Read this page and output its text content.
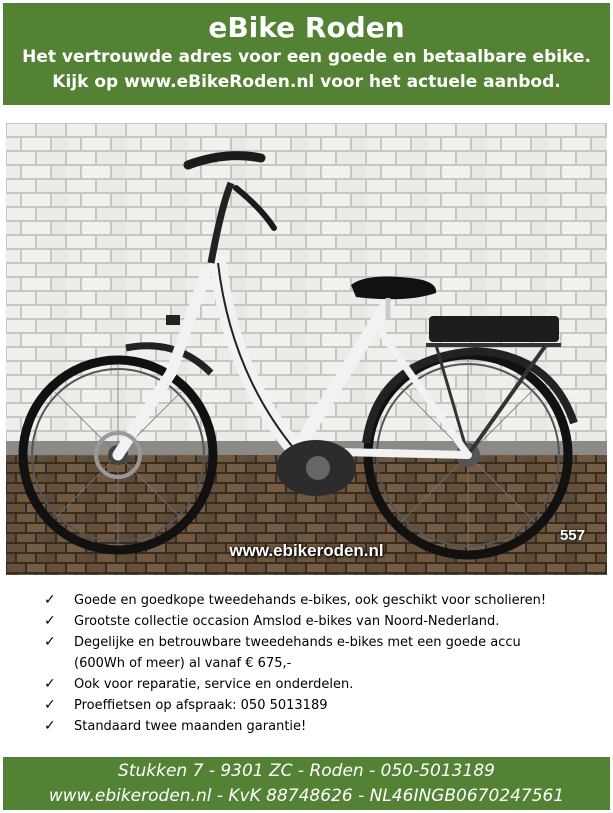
eBike Roden
Het vertrouwde adres voor een goede en betaalbare ebike.
Kijk op www.eBikeRoden.nl voor het actuele aanbod.
557
www.ebikeroden.nl
✓ Goede en goedkope tweedehands e-bikes, ook geschikt voor scholieren!
✓ Grootste collectie occasion Amslod e-bikes van Noord-Nederland.
✓ Degelijke en betrouwbare tweedehands e-bikes met een goede accu
(600Wh of meer) al vanaf € 675,-
✓ Ook voor reparatie, service en onderdelen.
✓ Proeffietsen op afspraak: 050 5013189
✓ Standaard twee maanden garantie!
Stukken 7 - 9301 ZC - Roden - 050-5013189
www.ebikeroden.nl - KvK 88748626 - NL46INGB0670247561
